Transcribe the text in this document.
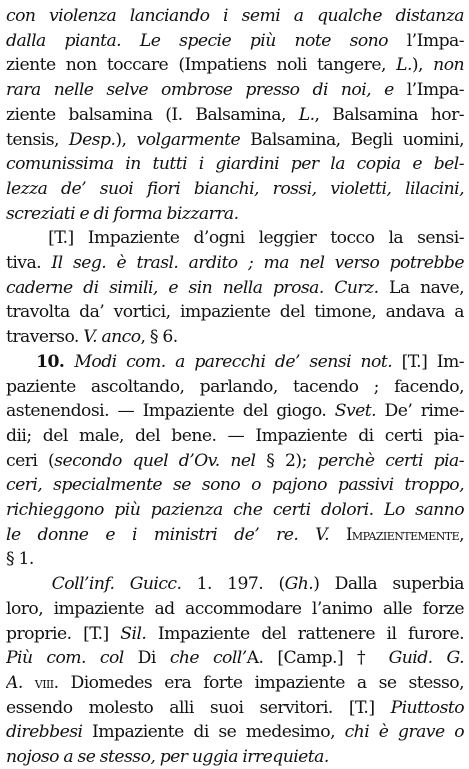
con violenza lanciando i semi a qualche distanza
dalla pianta. Le specie più note sono l’Impa-
ziente non toccare (Impatiens noli tangere, L.), non
rara nelle selve ombrose presso di noi, e l’Impa-
ziente balsamina (I. Balsamina, L., Balsamina hor-
tensis, Desp.), volgarmente Balsamina, Begli uomini,
comunissima in tutti i giardini per la copia e bel-
lezza de’ suoi fiori bianchi, rossi, violetti, lilacini,
screziati e di forma bizzarra.
[T.] Impaziente d’ogni leggier tocco la sensi-
tiva. Il seg. è trasl. ardito ; ma nel verso potrebbe
caderne di simili, e sin nella prosa. Curz. La nave,
travolta da’ vortici, impaziente del timone, andava a
traverso. V. anco, § 6.
10. Modi com. a parecchi de’ sensi not. [T.] Im-
paziente ascoltando, parlando, tacendo ; facendo,
astenendosi. — Impaziente del giogo. Svet. De’ rime-
dii; del male, del bene. — Impaziente di certi pia-
ceri (secondo quel d’Ov. nel § 2); perchè certi pia-
ceri, specialmente se sono o pajono passivi troppo,
richieggono più pazienza che certi dolori. Lo sanno
le donne e i ministri de’ re. V. Impazientemente,
§ 1.
Coll’inf. Guicc. 1. 197. (Gh.) Dalla superbia
loro, impaziente ad accommodare l’animo alle forze
proprie. [T.] Sil. Impaziente del rattenere il furore.
Più com. col Di che coll’A. [Camp.] † Guid. G.
A. viii. Diomedes era forte impaziente a se stesso,
essendo molesto alli suoi servitori. [T.] Piuttosto
direbbesi Impaziente di se medesimo, chi è grave o
nojoso a se stesso, per uggia irrequieta.
